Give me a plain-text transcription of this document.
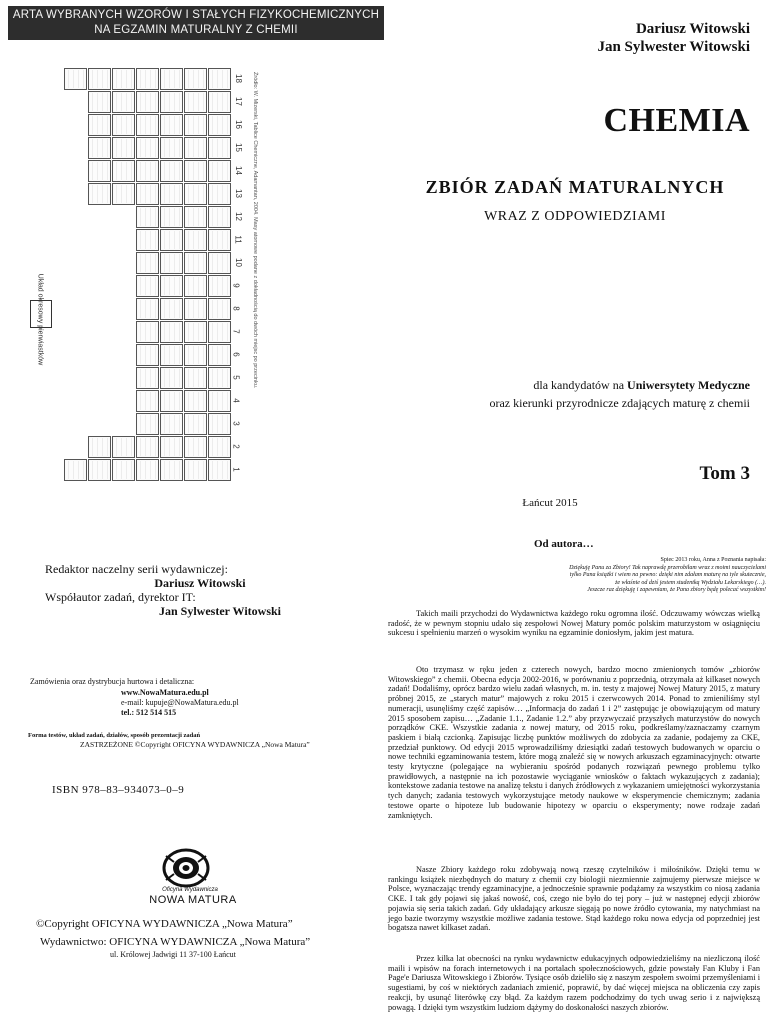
ARTA WYBRANYCH WZORÓW I STAŁYCH FIZYKOCHEMICZNYCH
NA EGZAMIN MATURALNY Z CHEMII
1
2
3
4
5
6
7
8
9
10
11
12
13
14
15
16
17
18
Układ okresowy pierwiastków	Źródło: W. Mizerski, Tablice Chemiczne, Adamantan, 2004. Masy atomowe podane z dokładnością do dwóch miejsc po przecinku.
Dariusz Witowski
Jan Sylwester Witowski
CHEMIA
ZBIÓR ZADAŃ MATURALNYCH
WRAZ Z ODPOWIEDZIAMI
dla kandydatów na Uniwersytety Medyczne
oraz kierunki przyrodnicze zdających maturę z chemii
Tom 3
Łańcut 2015
Redaktor naczelny serii wydawniczej:
Dariusz Witowski
Współautor zadań, dyrektor IT:
Jan Sylwester Witowski
Zamówienia oraz dystrybucja hurtowa i detaliczna:
www.NowaMatura.edu.pl
e-mail: kupuje@NowaMatura.edu.pl
tel.: 512 514 515
Forma testów, układ zadań, działów, sposób prezentacji zadań
ZASTRZEŻONE ©Copyright OFICYNA WYDAWNICZA „Nowa Matura”
ISBN 978–83–934073–0–9
Oficyna Wydawnicza
NOWA MATURA
©Copyright OFICYNA WYDAWNICZA „Nowa Matura”
Wydawnictwo: OFICYNA WYDAWNICZA „Nowa Matura”
ul. Królowej Jadwigi 11 37-100 Łańcut
Od autora…
Spiec 2013 roku, Anna z Poznania napisała:
Dziękuję Panu za Zbiory! Tak naprawdę przerobiłam wraz z moimi nauczycielami
tylko Pana książki i wiem na pewno: dzięki nim zdałam maturę na tyle skutecznie,
że właśnie od dziś jestem studentką Wydziału Lekarskiego (…).
Jeszcze raz dziękuję i zapewniam, że Pana zbiory będę polecać wszystkim!

Takich maili przychodzi do Wydawnictwa każdego roku ogromna ilość. Odczuwamy wówczas wielką radość, że w pewnym stopniu udało się zespołowi Nowej Matury pomóc polskim maturzystom w osiągnięciu sukcesu i spełnieniu marzeń o wysokim wyniku na egzaminie doniosłym, jakim jest matura.

Oto trzymasz w ręku jeden z czterech nowych, bardzo mocno zmienionych tomów „zbiorów Witowskiego” z chemii. Obecna edycja 2002-2016, w porównaniu z poprzednią, otrzymała aż kilkaset nowych zadań! Dodaliśmy, oprócz bardzo wielu zadań własnych, m. in. testy z majowej Nowej Matury 2015, z matury próbnej 2015, ze „starych matur” majowych z roku 2015 i czerwcowych 2014. Ponad to zmieniliśmy styl numeracji, usunęliśmy część zapisów… „Informacja do zadań 1 i 2” zastępując je obowiązującym od matury 2015 sposobem zapisu… „Zadanie 1.1., Zadanie 1.2.” aby przyzwyczaić przyszłych maturzystów do nowych porządków CKE. Wszystkie zadania z nowej matury, od 2015 roku, podkreślamy/zaznaczamy czarnym paskiem i białą czcionką. Zapisując liczbę punktów możliwych do zdobycia za zadanie, podajemy za CKE, przedział punktowy. Od edycji 2015 wprowadziliśmy dziesiątki zadań testowych budowanych w oparciu o nowe techniki egzaminowania testem, które mogą znaleźć się w nowych arkuszach egzaminacyjnych: otwarte testy krytyczne (polegające na wybieraniu spośród podanych rozwiązań pewnego problemu tylko prawidłowych, a następnie na ich pozostawie wyciąganie wniosków o faktach wykazujących z zadania); kontekstowe zadania testowe na analizę tekstu i danych źródłowych z wykazaniem umiejętności wykorzystania tych danych; zadania testowych wykorzystujące metody naukowe w eksperymencie chemicznym; zadania testowe oparte o hipoteze lub budowanie hipotezy w oparciu o eksperymenty; nowe rodzaje zadań zamkniętych.

Nasze Zbiory każdego roku zdobywają nową rzeszę czytelników i miłośników. Dzięki temu w rankingu książek niezbędnych do matury z chemii czy biologii niezmiennie zajmujemy pierwsze miejsce w Polsce, wyznaczając trendy egzaminacyjne, a jednocześnie sprawnie podążamy za wszystkim co niosą zadania CKE. I tak gdy pojawi się jakaś nowość, coś, czego nie było do tej pory – już w następnej edycji zbiorów pojawia się seria takich zadań. Gdy układający arkusze sięgają po nowe źródło cytowania, my natychmiast na jego bazie tworzymy wszystkie możliwe zadania testowe. Stąd każdego roku nowa edycja od poprzedniej jest bogatsza nawet kilkaset zadań.

Przez kilka lat obecności na rynku wydawnictw edukacyjnych odpowiedzieliśmy na niezliczoną ilość maili i wpisów na forach internetowych i na portalach społecznościowych, gdzie powstały Fan Kluby i Fan Page'e Dariusza Witowskiego i Zbiorów. Tysiące osób dzieliło się z naszym zespołem swoimi przemyśleniami i sugestiami, by coś w niektórych zadaniach zmienić, poprawić, by dać więcej miejsca na obliczenia czy zapis reakcji, by usunąć literówkę czy błąd. Za każdym razem podchodzimy do tych uwag serio i z największą powagą. I dzięki tym wszystkim ludziom dążymy do doskonałości naszych zbiorów.
